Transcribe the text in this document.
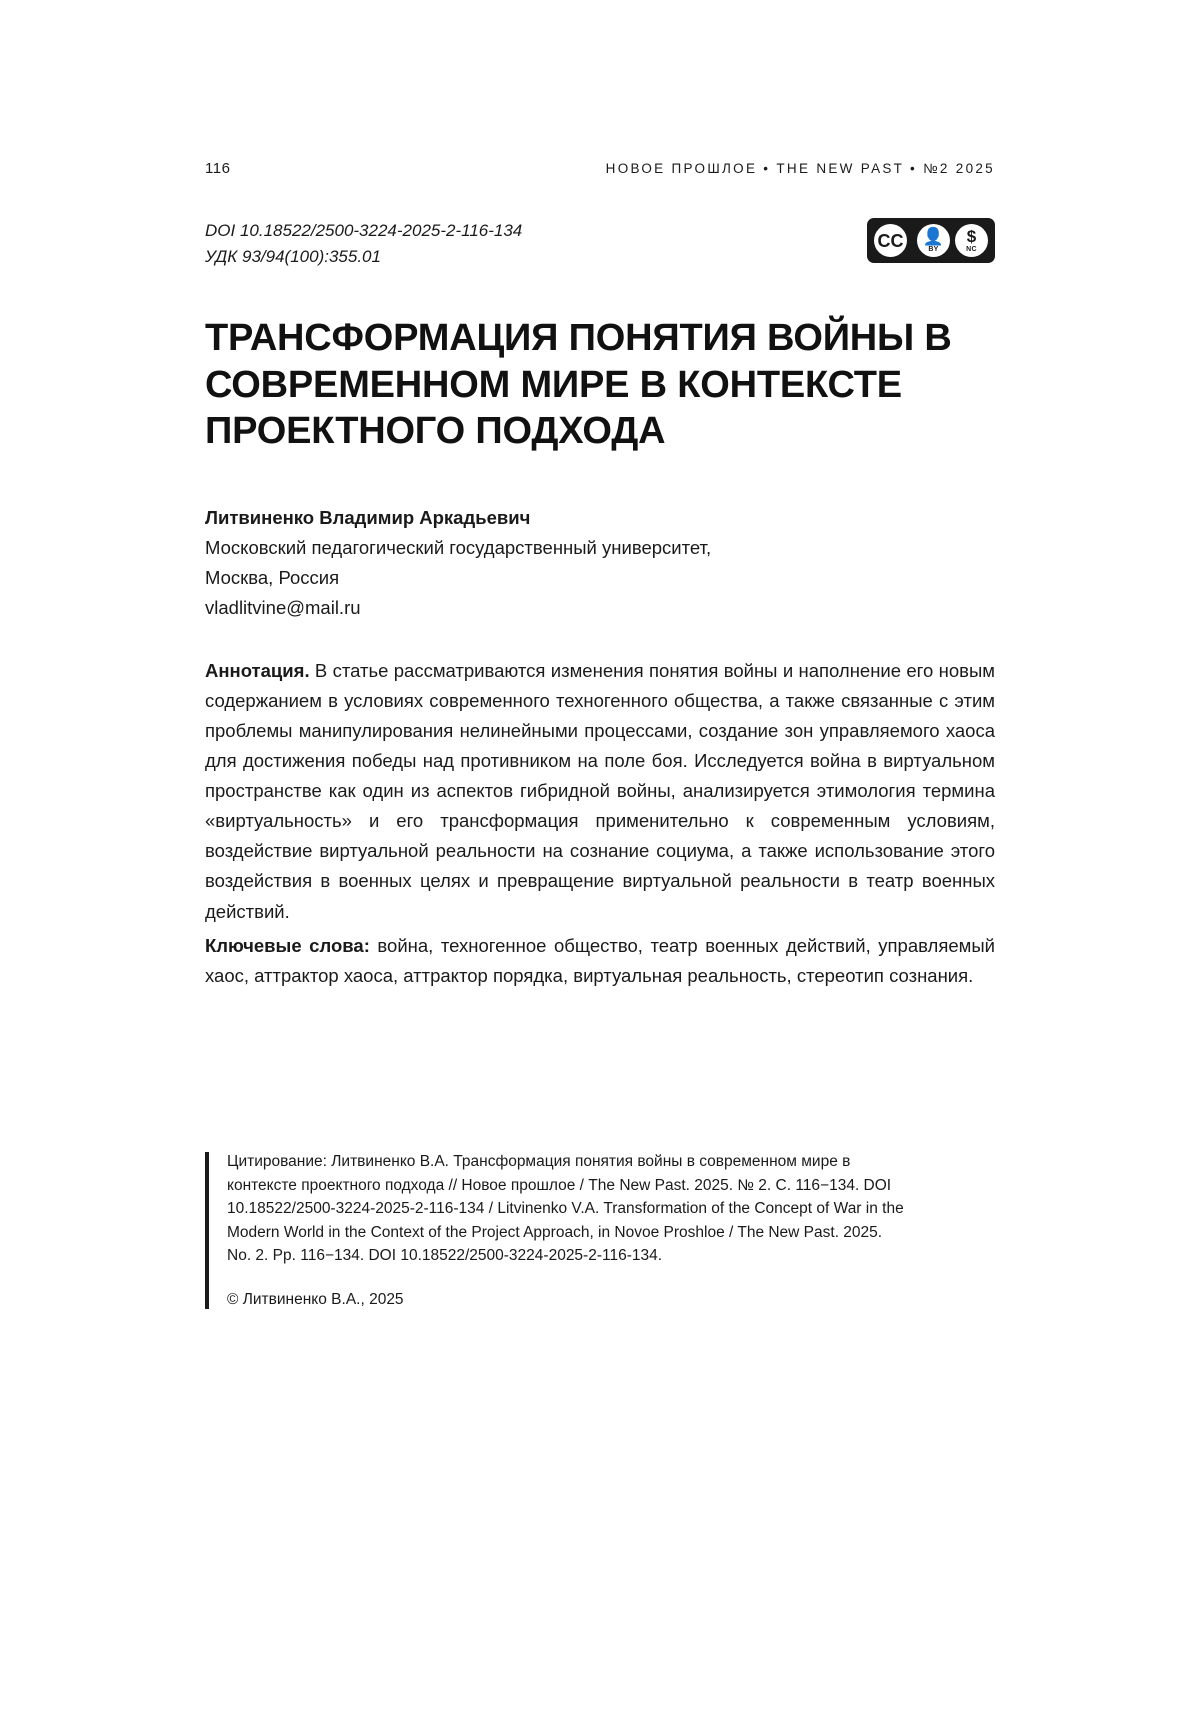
116	НОВОЕ ПРОШЛОЕ • THE NEW PAST • №2 2025
DOI 10.18522/2500-3224-2025-2-116-134
УДК 93/94(100):355.01
CC 👤
BY
$
NC
ТРАНСФОРМАЦИЯ ПОНЯТИЯ ВОЙНЫ В СОВРЕМЕННОМ МИРЕ В КОНТЕКСТЕ ПРОЕКТНОГО ПОДХОДА
Литвиненко Владимир Аркадьевич
Московский педагогический государственный университет,
Москва, Россия
vladlitvine@mail.ru

Аннотация. В статье рассматриваются изменения понятия войны и наполнение его новым содержанием в условиях современного техногенного общества, а также связанные с этим проблемы манипулирования нелинейными процессами, создание зон управляемого хаоса для достижения победы над противником на поле боя. Исследуется война в виртуальном пространстве как один из аспектов гибридной войны, анализируется этимология термина «виртуальность» и его трансформация применительно к современным условиям, воздействие виртуальной реальности на сознание социума, а также использование этого воздействия в военных целях и превращение виртуальной реальности в театр военных действий.

Ключевые слова: война, техногенное общество, театр военных действий, управляемый хаос, аттрактор хаоса, аттрактор порядка, виртуальная реальность, стереотип сознания.

Цитирование: Литвиненко В.А. Трансформация понятия войны в современном мире в контексте проектного подхода // Новое прошлое / The New Past. 2025. № 2. С. 116−134. DOI 10.18522/2500-3224-2025-2-116-134 / Litvinenko V.A. Transformation of the Concept of War in the Modern World in the Context of the Project Approach, in Novoe Proshloe / The New Past. 2025. No. 2. Pp. 116−134. DOI 10.18522/2500-3224-2025-2-116-134.
© Литвиненко В.А., 2025
